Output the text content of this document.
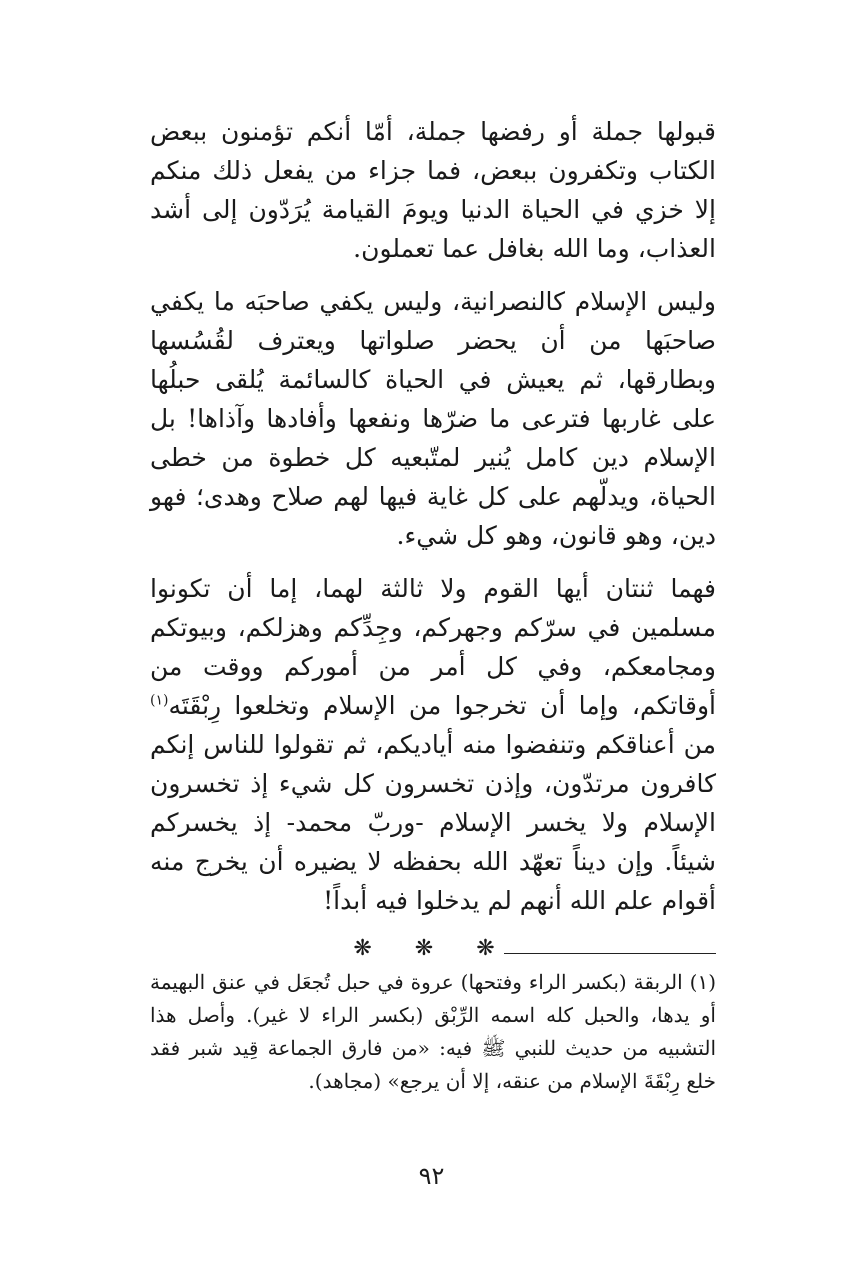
قبولها جملة أو رفضها جملة، أمّا أنكم تؤمنون ببعض الكتاب وتكفرون ببعض، فما جزاء من يفعل ذلك منكم إلا خزي في الحياة الدنيا ويومَ القيامة يُرَدّون إلى أشد العذاب، وما الله بغافل عما تعملون.

وليس الإسلام كالنصرانية، وليس يكفي صاحبَه ما يكفي صاحبَها من أن يحضر صلواتها ويعترف لقُسُسها وبطارقها، ثم يعيش في الحياة كالسائمة يُلقى حبلُها على غاربها فترعى ما ضرّها ونفعها وأفادها وآذاها! بل الإسلام دين كامل يُنير لمتّبعيه كل خطوة من خطى الحياة، ويدلّهم على كل غاية فيها لهم صلاح وهدى؛ فهو دين، وهو قانون، وهو كل شيء.

فهما ثنتان أيها القوم ولا ثالثة لهما، إما أن تكونوا مسلمين في سرّكم وجهركم، وجِدِّكم وهزلكم، وبيوتكم ومجامعكم، وفي كل أمر من أموركم ووقت من أوقاتكم، وإما أن تخرجوا من الإسلام وتخلعوا رِبْقَتَه$^{(١)}$ من أعناقكم وتنفضوا منه أياديكم، ثم تقولوا للناس إنكم كافرون مرتدّون، وإذن تخسرون كل شيء إذ تخسرون الإسلام ولا يخسر الإسلام -وربّ محمد- إذ يخسركم شيئاً. وإن ديناً تعهّد الله بحفظه لا يضيره أن يخرج منه أقوام علم الله أنهم لم يدخلوا فيه أبداً!

❋ ❋ ❋
(١) الربقة (بكسر الراء وفتحها) عروة في حبل تُجعَل في عنق البهيمة أو يدها، والحبل كله اسمه الرِّبْق (بكسر الراء لا غير). وأصل هذا التشبيه من حديث للنبي ﷺ فيه: «من فارق الجماعة قِيد شبر فقد خلع رِبْقَةَ الإسلام من عنقه، إلا أن يرجع» (مجاهد).
٩٢
